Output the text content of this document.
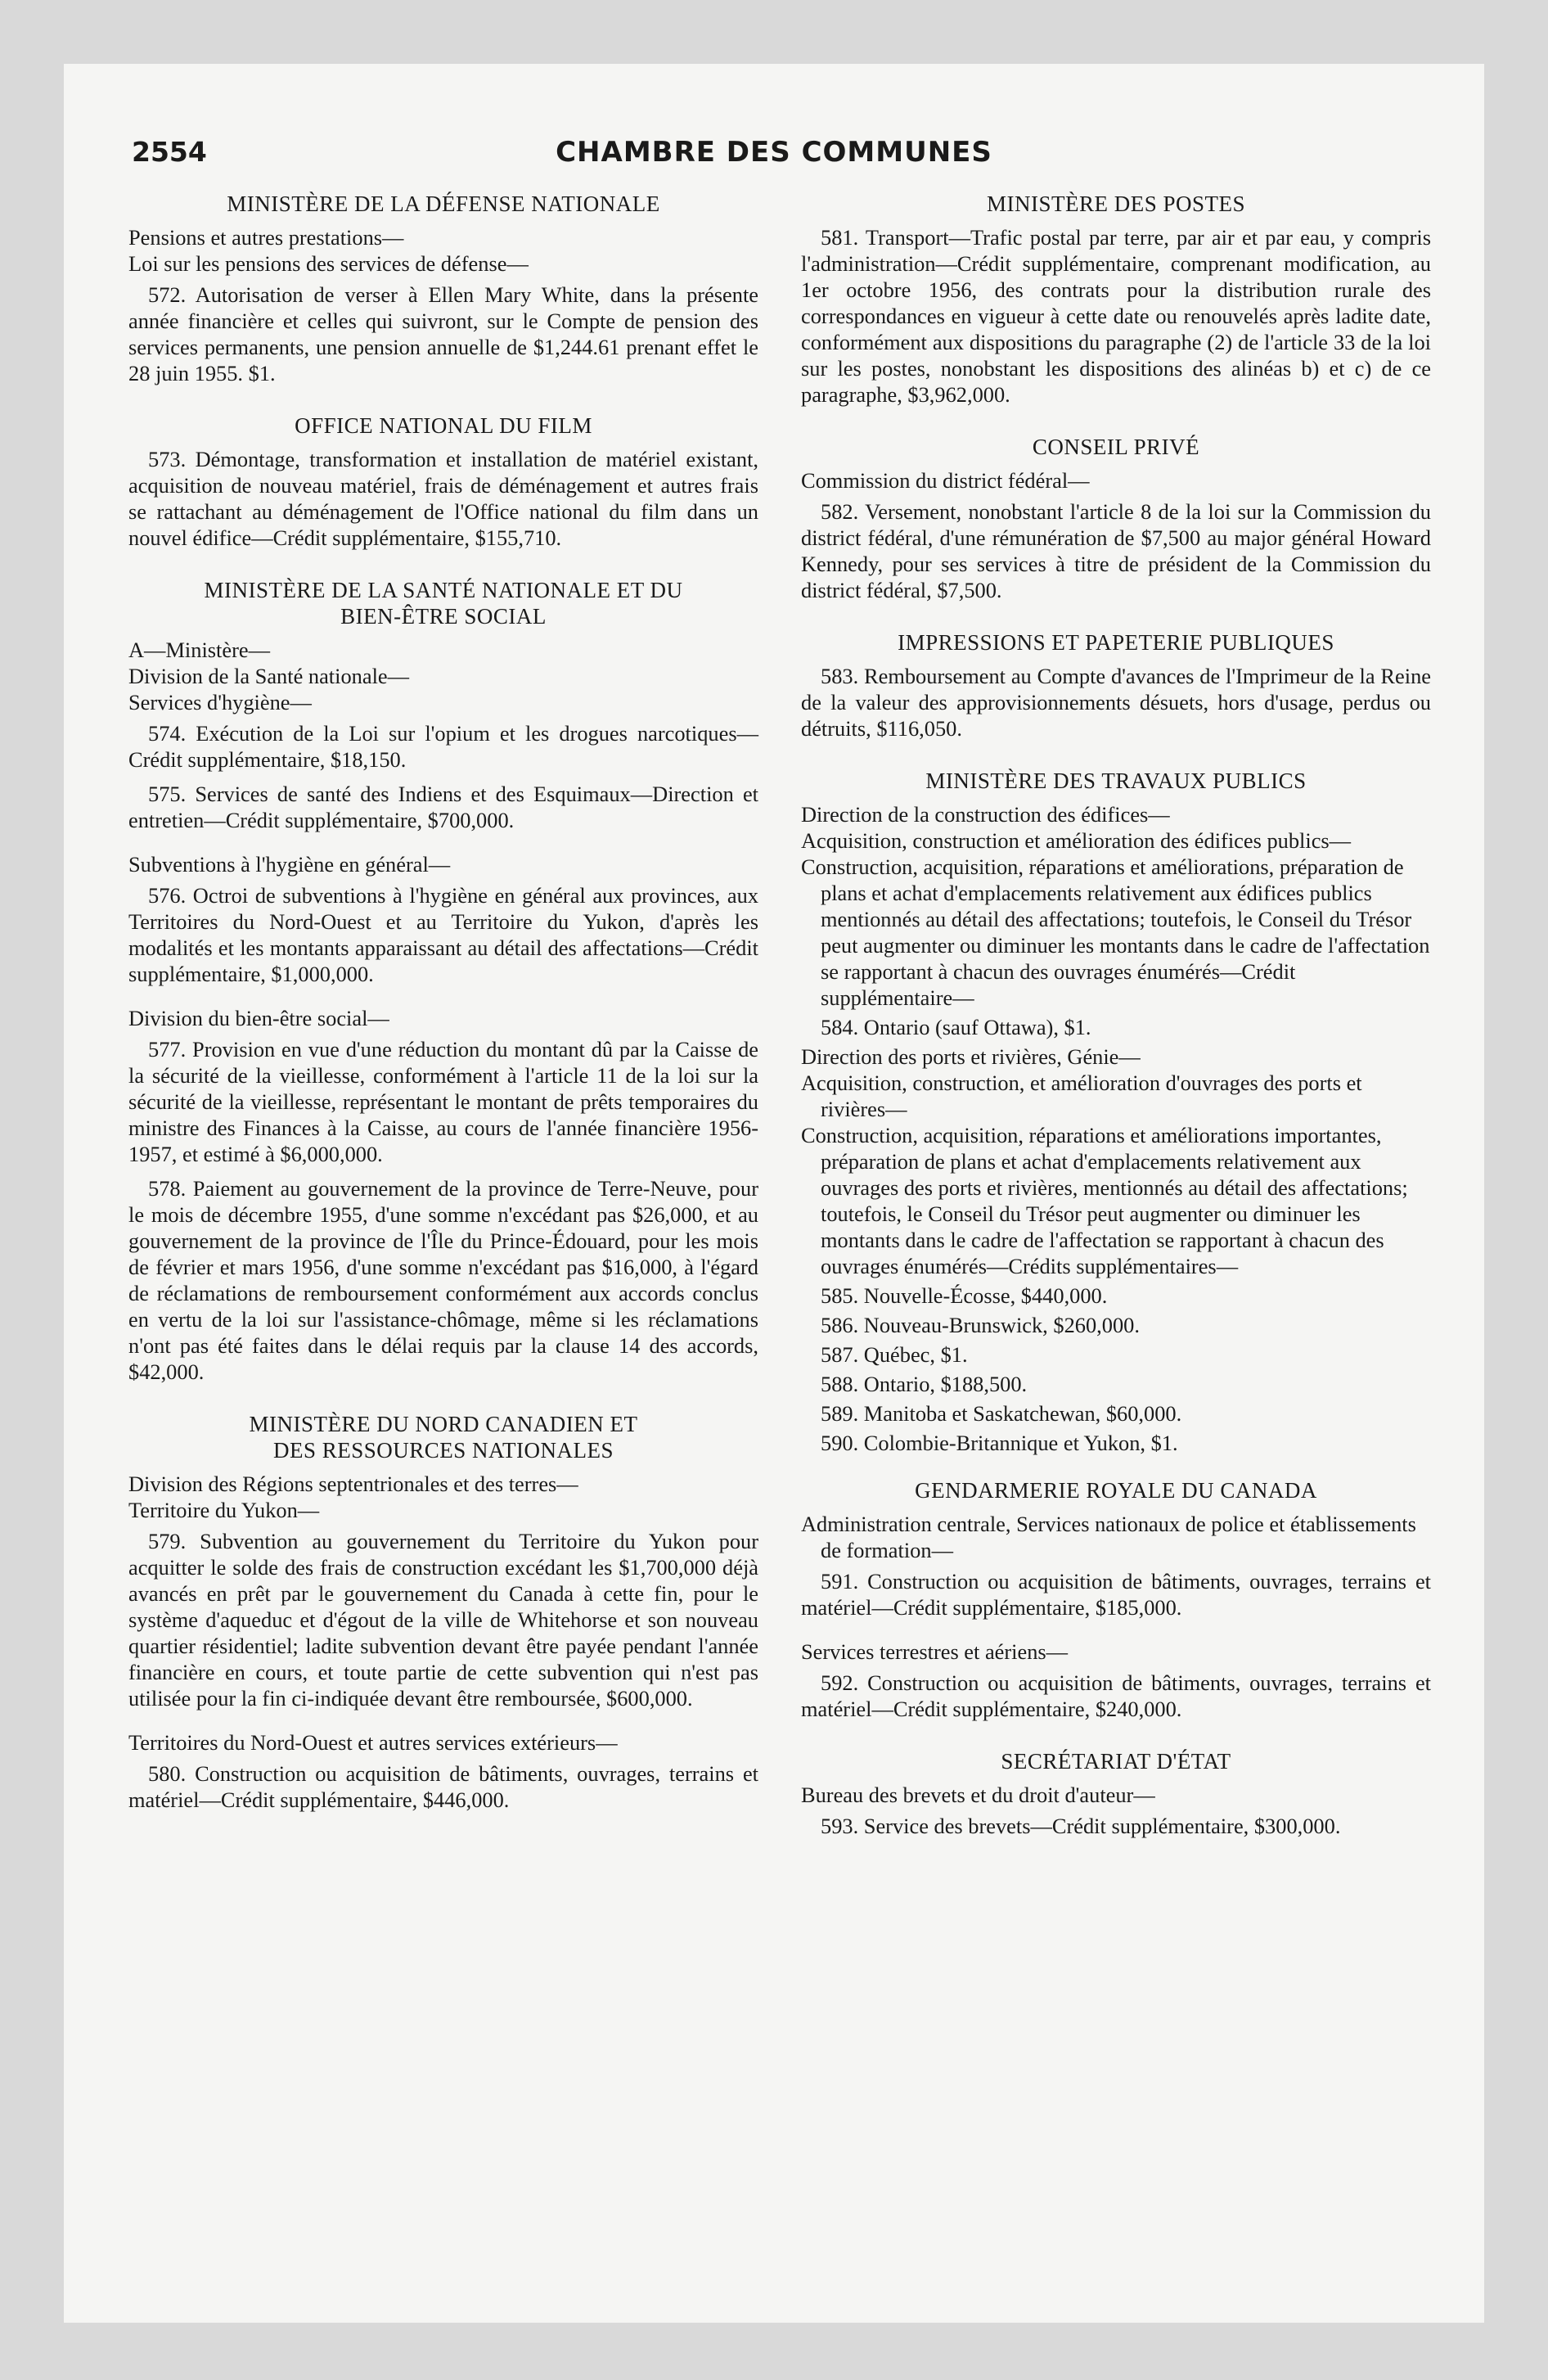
2554	CHAMBRE DES COMMUNES
MINISTÈRE DE LA DÉFENSE NATIONALE

Pensions et autres prestations—

Loi sur les pensions des services de défense—

572. Autorisation de verser à Ellen Mary White, dans la présente année financière et celles qui suivront, sur le Compte de pension des services permanents, une pension annuelle de $1,244.61 prenant effet le 28 juin 1955. $1.

OFFICE NATIONAL DU FILM

573. Démontage, transformation et installation de matériel existant, acquisition de nouveau matériel, frais de déménagement et autres frais se rattachant au déménagement de l'Office national du film dans un nouvel édifice—Crédit supplémentaire, $155,710.

MINISTÈRE DE LA SANTÉ NATIONALE ET DU
BIEN-ÊTRE SOCIAL

A—Ministère—

Division de la Santé nationale—

Services d'hygiène—

574. Exécution de la Loi sur l'opium et les drogues narcotiques—Crédit supplémentaire, $18,150.

575. Services de santé des Indiens et des Esquimaux—Direction et entretien—Crédit supplémentaire, $700,000.

Subventions à l'hygiène en général—

576. Octroi de subventions à l'hygiène en général aux provinces, aux Territoires du Nord-Ouest et au Territoire du Yukon, d'après les modalités et les montants apparaissant au détail des affectations—Crédit supplémentaire, $1,000,000.

Division du bien-être social—

577. Provision en vue d'une réduction du montant dû par la Caisse de la sécurité de la vieillesse, conformément à l'article 11 de la loi sur la sécurité de la vieillesse, représentant le montant de prêts temporaires du ministre des Finances à la Caisse, au cours de l'année financière 1956-1957, et estimé à $6,000,000.

578. Paiement au gouvernement de la province de Terre-Neuve, pour le mois de décembre 1955, d'une somme n'excédant pas $26,000, et au gouvernement de la province de l'Île du Prince-Édouard, pour les mois de février et mars 1956, d'une somme n'excédant pas $16,000, à l'égard de réclamations de remboursement conformément aux accords conclus en vertu de la loi sur l'assistance-chômage, même si les réclamations n'ont pas été faites dans le délai requis par la clause 14 des accords, $42,000.

MINISTÈRE DU NORD CANADIEN ET
DES RESSOURCES NATIONALES

Division des Régions septentrionales et des terres—

Territoire du Yukon—

579. Subvention au gouvernement du Territoire du Yukon pour acquitter le solde des frais de construction excédant les $1,700,000 déjà avancés en prêt par le gouvernement du Canada à cette fin, pour le système d'aqueduc et d'égout de la ville de Whitehorse et son nouveau quartier résidentiel; ladite subvention devant être payée pendant l'année financière en cours, et toute partie de cette subvention qui n'est pas utilisée pour la fin ci-indiquée devant être remboursée, $600,000.

Territoires du Nord-Ouest et autres services extérieurs—

580. Construction ou acquisition de bâtiments, ouvrages, terrains et matériel—Crédit supplémentaire, $446,000.

MINISTÈRE DES POSTES

581. Transport—Trafic postal par terre, par air et par eau, y compris l'administration—Crédit supplémentaire, comprenant modification, au 1er octobre 1956, des contrats pour la distribution rurale des correspondances en vigueur à cette date ou renouvelés après ladite date, conformément aux dispositions du paragraphe (2) de l'article 33 de la loi sur les postes, nonobstant les dispositions des alinéas b) et c) de ce paragraphe, $3,962,000.

CONSEIL PRIVÉ

Commission du district fédéral—

582. Versement, nonobstant l'article 8 de la loi sur la Commission du district fédéral, d'une rémunération de $7,500 au major général Howard Kennedy, pour ses services à titre de président de la Commission du district fédéral, $7,500.

IMPRESSIONS ET PAPETERIE PUBLIQUES

583. Remboursement au Compte d'avances de l'Imprimeur de la Reine de la valeur des approvisionnements désuets, hors d'usage, perdus ou détruits, $116,050.

MINISTÈRE DES TRAVAUX PUBLICS

Direction de la construction des édifices—

Acquisition, construction et amélioration des édifices publics—

Construction, acquisition, réparations et améliorations, préparation de plans et achat d'emplacements relativement aux édifices publics mentionnés au détail des affectations; toutefois, le Conseil du Trésor peut augmenter ou diminuer les montants dans le cadre de l'affectation se rapportant à chacun des ouvrages énumérés—Crédit supplémentaire—

584. Ontario (sauf Ottawa), $1.

Direction des ports et rivières, Génie—

Acquisition, construction, et amélioration d'ouvrages des ports et rivières—

Construction, acquisition, réparations et améliorations importantes, préparation de plans et achat d'emplacements relativement aux ouvrages des ports et rivières, mentionnés au détail des affectations; toutefois, le Conseil du Trésor peut augmenter ou diminuer les montants dans le cadre de l'affectation se rapportant à chacun des ouvrages énumérés—Crédits supplémentaires—

585. Nouvelle-Écosse, $440,000.

586. Nouveau-Brunswick, $260,000.

587. Québec, $1.

588. Ontario, $188,500.

589. Manitoba et Saskatchewan, $60,000.

590. Colombie-Britannique et Yukon, $1.

GENDARMERIE ROYALE DU CANADA

Administration centrale, Services nationaux de police et établissements de formation—

591. Construction ou acquisition de bâtiments, ouvrages, terrains et matériel—Crédit supplémentaire, $185,000.

Services terrestres et aériens—

592. Construction ou acquisition de bâtiments, ouvrages, terrains et matériel—Crédit supplémentaire, $240,000.

SECRÉTARIAT D'ÉTAT

Bureau des brevets et du droit d'auteur—

593. Service des brevets—Crédit supplémentaire, $300,000.
